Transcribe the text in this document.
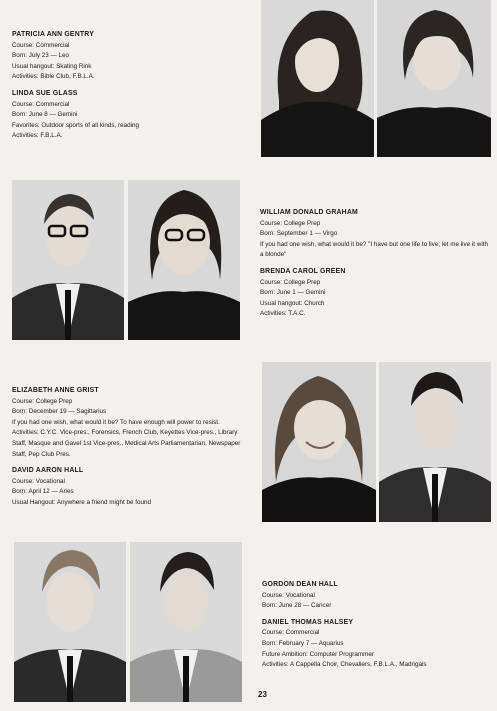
PATRICIA ANN GENTRY
Course: Commercial
Born: July 23 — Leo
Usual hangout: Skating Rink
Activities: Bible Club, F.B.L.A.
LINDA SUE GLASS
Course: Commercial
Born: June 8 — Gemini
Favorites: Outdoor sports of all kinds, reading
Activities: F.B.L.A.
WILLIAM DONALD GRAHAM
Course: College Prep
Born: September 1 — Virgo
If you had one wish, what would it be? "I have but one life to live; let me live it with a blonde"
BRENDA CAROL GREEN
Course: College Prep
Born: June 1 — Gemini
Usual hangout: Church
Activities: T.A.C.
ELIZABETH ANNE GRIST
Course: College Prep
Born: December 19 — Sagittarius
If you had one wish, what would it be? To have enough will power to resist.
Activities: C.Y.C. Vice-pres., Forensics, French Club, Keyettes Vice-pres., Library Staff, Masque and Gavel 1st Vice-pres., Medical Arts Parliamentarian, Newspaper Staff, Pep Club Pres.
DAVID AARON HALL
Course: Vocational
Born: April 12 — Aries
Usual Hangout: Anywhere a friend might be found
GORDON DEAN HALL
Course: Vocational
Born: June 28 — Cancer
DANIEL THOMAS HALSEY
Course: Commercial
Born: February 7 — Aquarius
Future Ambition: Computer Programmer
Activities: A Cappella Choir, Chevaliers, F.B.L.A., Madrigals
23
